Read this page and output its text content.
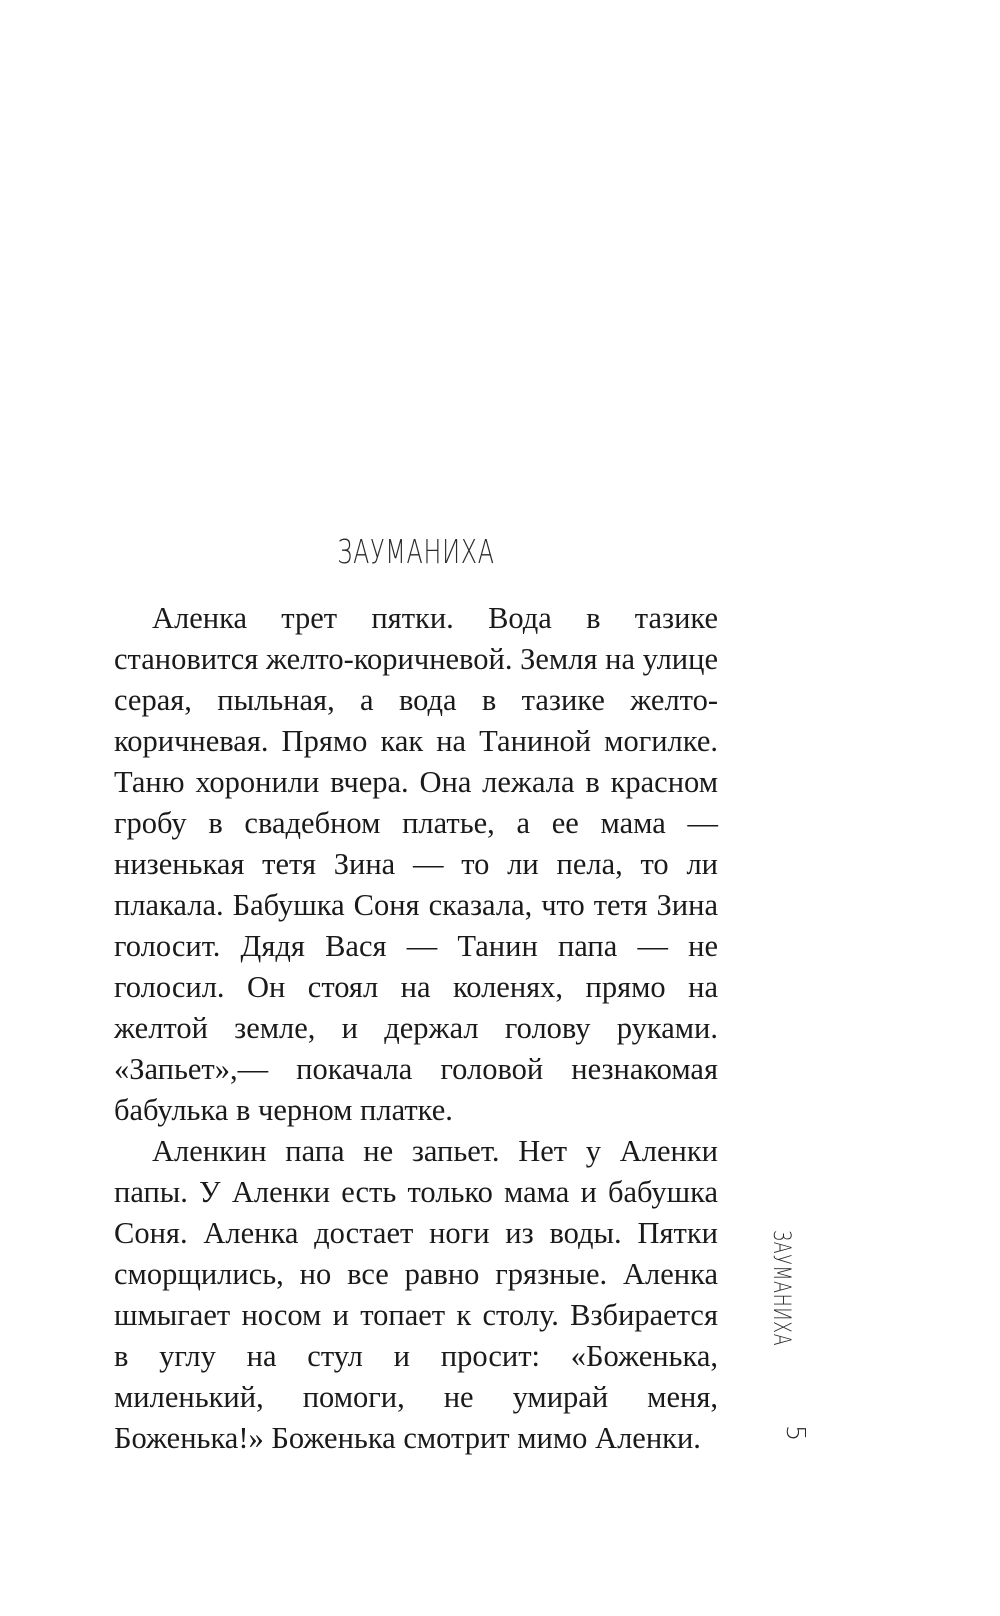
ЗАУМАНИХА

Аленка трет пятки. Вода в тазике становится желто-коричневой. Земля на улице серая, пыльная, а вода в тазике желто-коричневая. Прямо как на Таниной могилке. Таню хоронили вчера. Она лежала в красном гробу в свадебном платье, а ее мама — низенькая тетя Зина — то ли пела, то ли плакала. Бабушка Соня сказала, что тетя Зина голосит. Дядя Вася — Танин папа — не голосил. Он стоял на коленях, прямо на желтой земле, и держал голову руками. «Запьет»,— покачала головой незнакомая бабулька в черном платке.

Аленкин папа не запьет. Нет у Аленки папы. У Аленки есть только мама и бабушка Соня. Аленка достает ноги из воды. Пятки сморщились, но все равно грязные. Аленка шмыгает носом и топает к столу. Взбирается в углу на стул и просит: «Боженька, миленький, помоги, не умирай меня, Боженька!» Боженька смотрит мимо Аленки.

ЗАУМАНИХА
5
